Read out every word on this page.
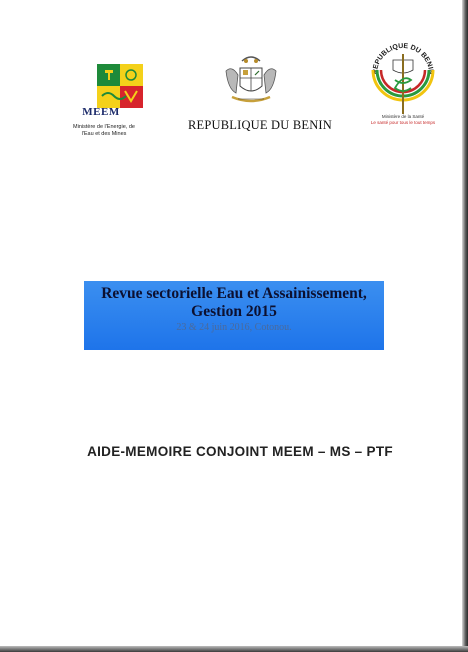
MEEM
Ministère de l'Energie, de
l'Eau et des Mines
REPUBLIQUE DU BENIN
REPUBLIQUE DU BENIN
Ministère de la Santé
Le santé pour tous le tout temps
Revue sectorielle Eau et Assainissement,
Gestion 2015
23 & 24 juin 2016, Cotonou.
AIDE-MEMOIRE CONJOINT MEEM – MS – PTF
